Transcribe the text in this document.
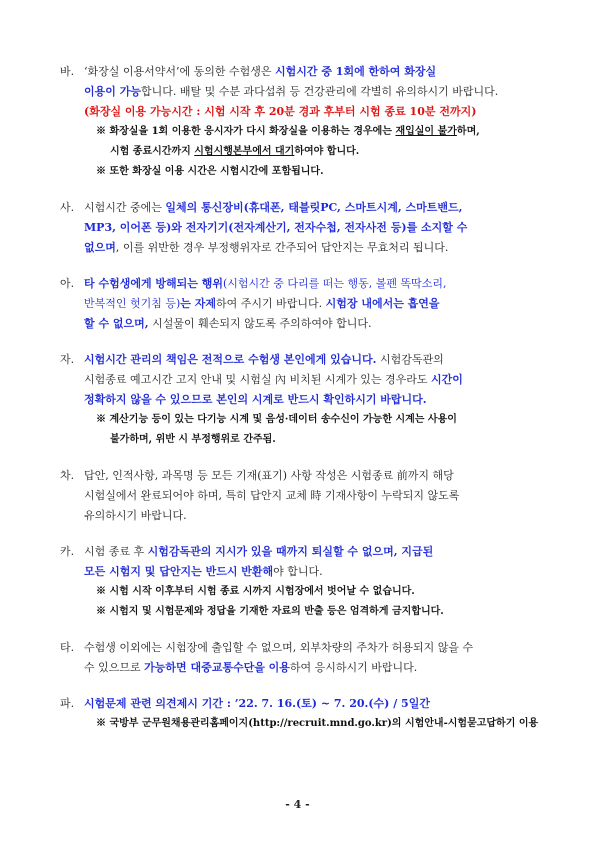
바. ‘화장실 이용서약서’에 동의한 수험생은 시험시간 중 1회에 한하여 화장실
이용이 가능합니다. 배탈 및 수분 과다섭취 등 건강관리에 각별히 유의하시기 바랍니다.
(화장실 이용 가능시간 : 시험 시작 후 20분 경과 후부터 시험 종료 10분 전까지)
※ 화장실을 1회 이용한 응시자가 다시 화장실을 이용하는 경우에는 재입실이 불가하며,
시험 종료시간까지 시험시행본부에서 대기하여야 합니다.
※ 또한 화장실 이용 시간은 시험시간에 포함됩니다.
사. 시험시간 중에는 일체의 통신장비(휴대폰, 태블릿PC, 스마트시계, 스마트밴드,
MP3, 이어폰 등)와 전자기기(전자계산기, 전자수첩, 전자사전 등)를 소지할 수
없으며, 이를 위반한 경우 부정행위자로 간주되어 답안지는 무효처리 됩니다.
아. 타 수험생에게 방해되는 행위(시험시간 중 다리를 떠는 행동, 볼펜 똑딱소리,
반복적인 헛기침 등)는 자제하여 주시기 바랍니다. 시험장 내에서는 흡연을
할 수 없으며, 시설물이 훼손되지 않도록 주의하여야 합니다.
자. 시험시간 관리의 책임은 전적으로 수험생 본인에게 있습니다. 시험감독관의
시험종료 예고시간 고지 안내 및 시험실 內 비치된 시계가 있는 경우라도 시간이
정확하지 않을 수 있으므로 본인의 시계로 반드시 확인하시기 바랍니다.
※ 계산기능 등이 있는 다기능 시계 및 음성·데이터 송수신이 가능한 시계는 사용이
불가하며, 위반 시 부정행위로 간주됨.
차. 답안, 인적사항, 과목명 등 모든 기재(표기) 사항 작성은 시험종료 前까지 해당
시험실에서 완료되어야 하며, 특히 답안지 교체 時 기재사항이 누락되지 않도록
유의하시기 바랍니다.
카. 시험 종료 후 시험감독관의 지시가 있을 때까지 퇴실할 수 없으며, 지급된
모든 시험지 및 답안지는 반드시 반환해야 합니다.
※ 시험 시작 이후부터 시험 종료 시까지 시험장에서 벗어날 수 없습니다.
※ 시험지 및 시험문제와 정답을 기재한 자료의 반출 등은 엄격하게 금지합니다.
타. 수험생 이외에는 시험장에 출입할 수 없으며, 외부차량의 주차가 허용되지 않을 수
수 있으므로 가능하면 대중교통수단을 이용하여 응시하시기 바랍니다.
파. 시험문제 관련 의견제시 기간 : ’22. 7. 16.(토) ~ 7. 20.(수) / 5일간
※ 국방부 군무원채용관리홈페이지(http://recruit.mnd.go.kr)의 시험안내-시험묻고답하기 이용
- 4 -
